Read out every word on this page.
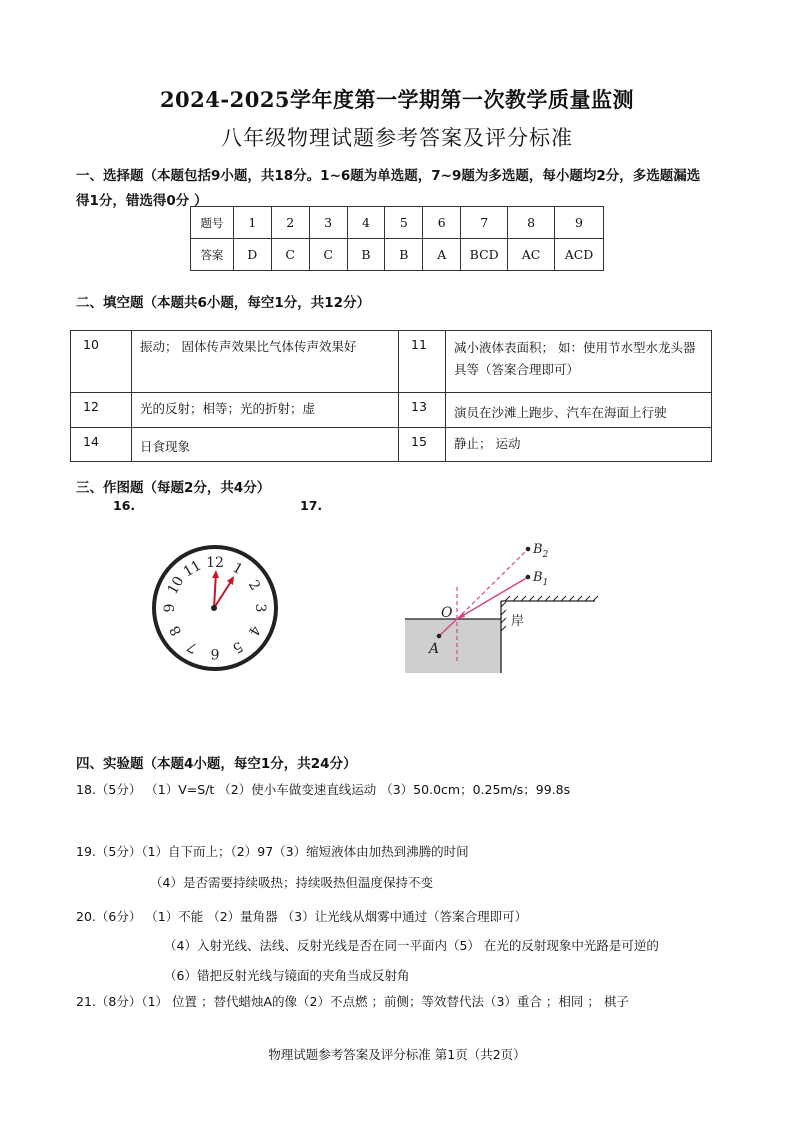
2024-2025学年度第一学期第一次教学质量监测
八年级物理试题参考答案及评分标准
一、选择题（本题包括9小题，共18分。1~6题为单选题，7~9题为多选题，每小题均2分，多选题漏选
得1分，错选得0分 ）
题号	1	2	3	4	5	6	7	8	9
答案	D	C	C	B	B	A	BCD	AC	ACD
二、填空题（本题共6小题，每空1分，共12分）
10	振动； 固体传声效果比气体传声效果好	11	减小液体表面积； 如：使用节水型水龙头器
具等（答案合理即可）

12	光的反射；相等；光的折射；虚	13	演员在沙滩上跑步、汽车在海面上行驶
14	日食现象	15	静止； 运动
三、作图题（每题2分，共4分）
16.	17.
12 1
2
3
4
5
6
7
8
9
10
11
$B_2$
$B_1$
O
A
岸
四、实验题（本题4小题，每空1分，共24分）
18.（5分） （1）V=S/t （2）使小车做变速直线运动 （3）50.0cm；0.25m/s；99.8s
19.（5分）（1）自下而上；（2）97（3）缩短液体由加热到沸腾的时间
（4）是否需要持续吸热；持续吸热但温度保持不变
20.（6分） （1）不能 （2）量角器 （3）让光线从烟雾中通过（答案合理即可）
（4）入射光线、法线、反射光线是否在同一平面内（5） 在光的反射现象中光路是可逆的
（6）错把反射光线与镜面的夹角当成反射角
21.（8分）（1） 位置 ；替代蜡烛A的像（2）不点燃 ；前侧；等效替代法（3）重合 ；相同 ； 棋子
物理试题参考答案及评分标准 第1页（共2页）
